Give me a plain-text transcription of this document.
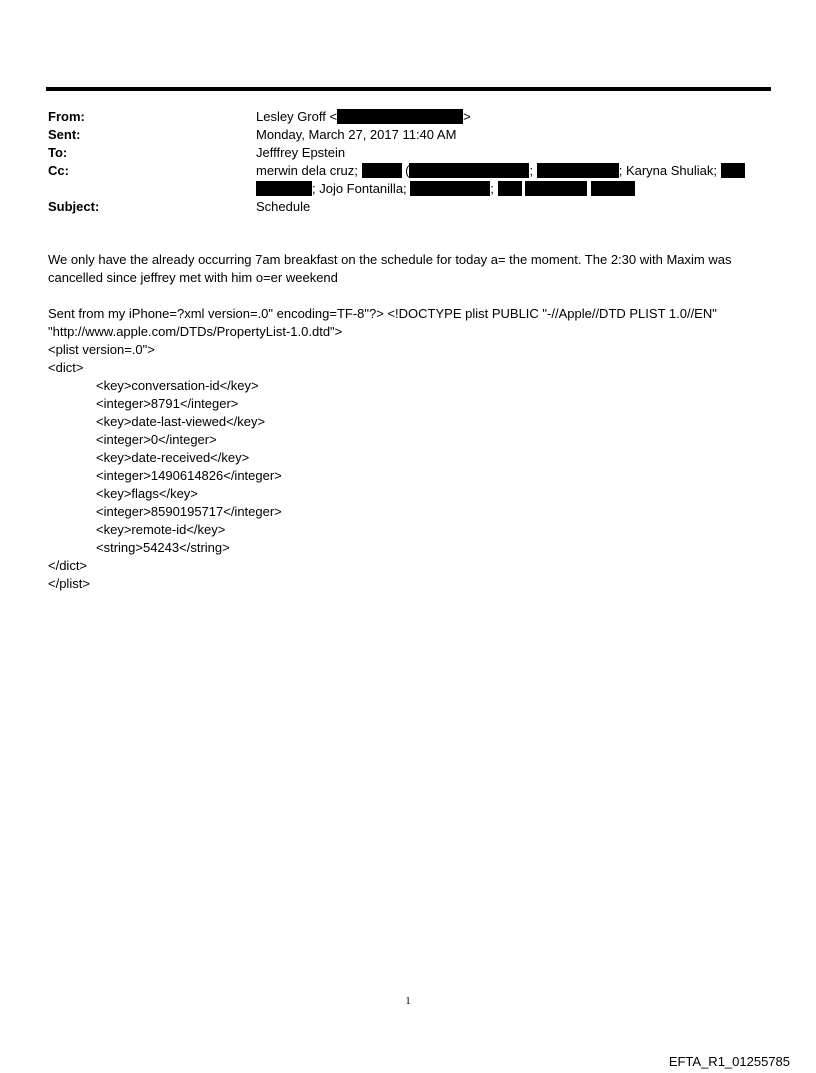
From:	Lesley Groff <	>
Sent:	Monday, March 27, 2017 11:40 AM
To:	Jefffrey Epstein
Cc:	merwin dela cruz;	(	;	; Karyna Shuliak;
; Jojo Fontanilla;	;
Subject:	Schedule
We only have the already occurring 7am breakfast on the schedule for today a= the moment. The 2:30 with Maxim was
cancelled since jeffrey met with him o=er weekend
Sent from my iPhone=?xml version=.0" encoding=TF-8"?> <!DOCTYPE plist PUBLIC "-//Apple//DTD PLIST 1.0//EN"
"http://www.apple.com/DTDs/PropertyList-1.0.dtd">
<plist version=.0">
<dict>
<key>conversation-id</key>
<integer>8791</integer>
<key>date-last-viewed</key>
<integer>0</integer>
<key>date-received</key>
<integer>1490614826</integer>
<key>flags</key>
<integer>8590195717</integer>
<key>remote-id</key>
<string>54243</string>
</dict>
</plist>
1
EFTA_R1_01255785
